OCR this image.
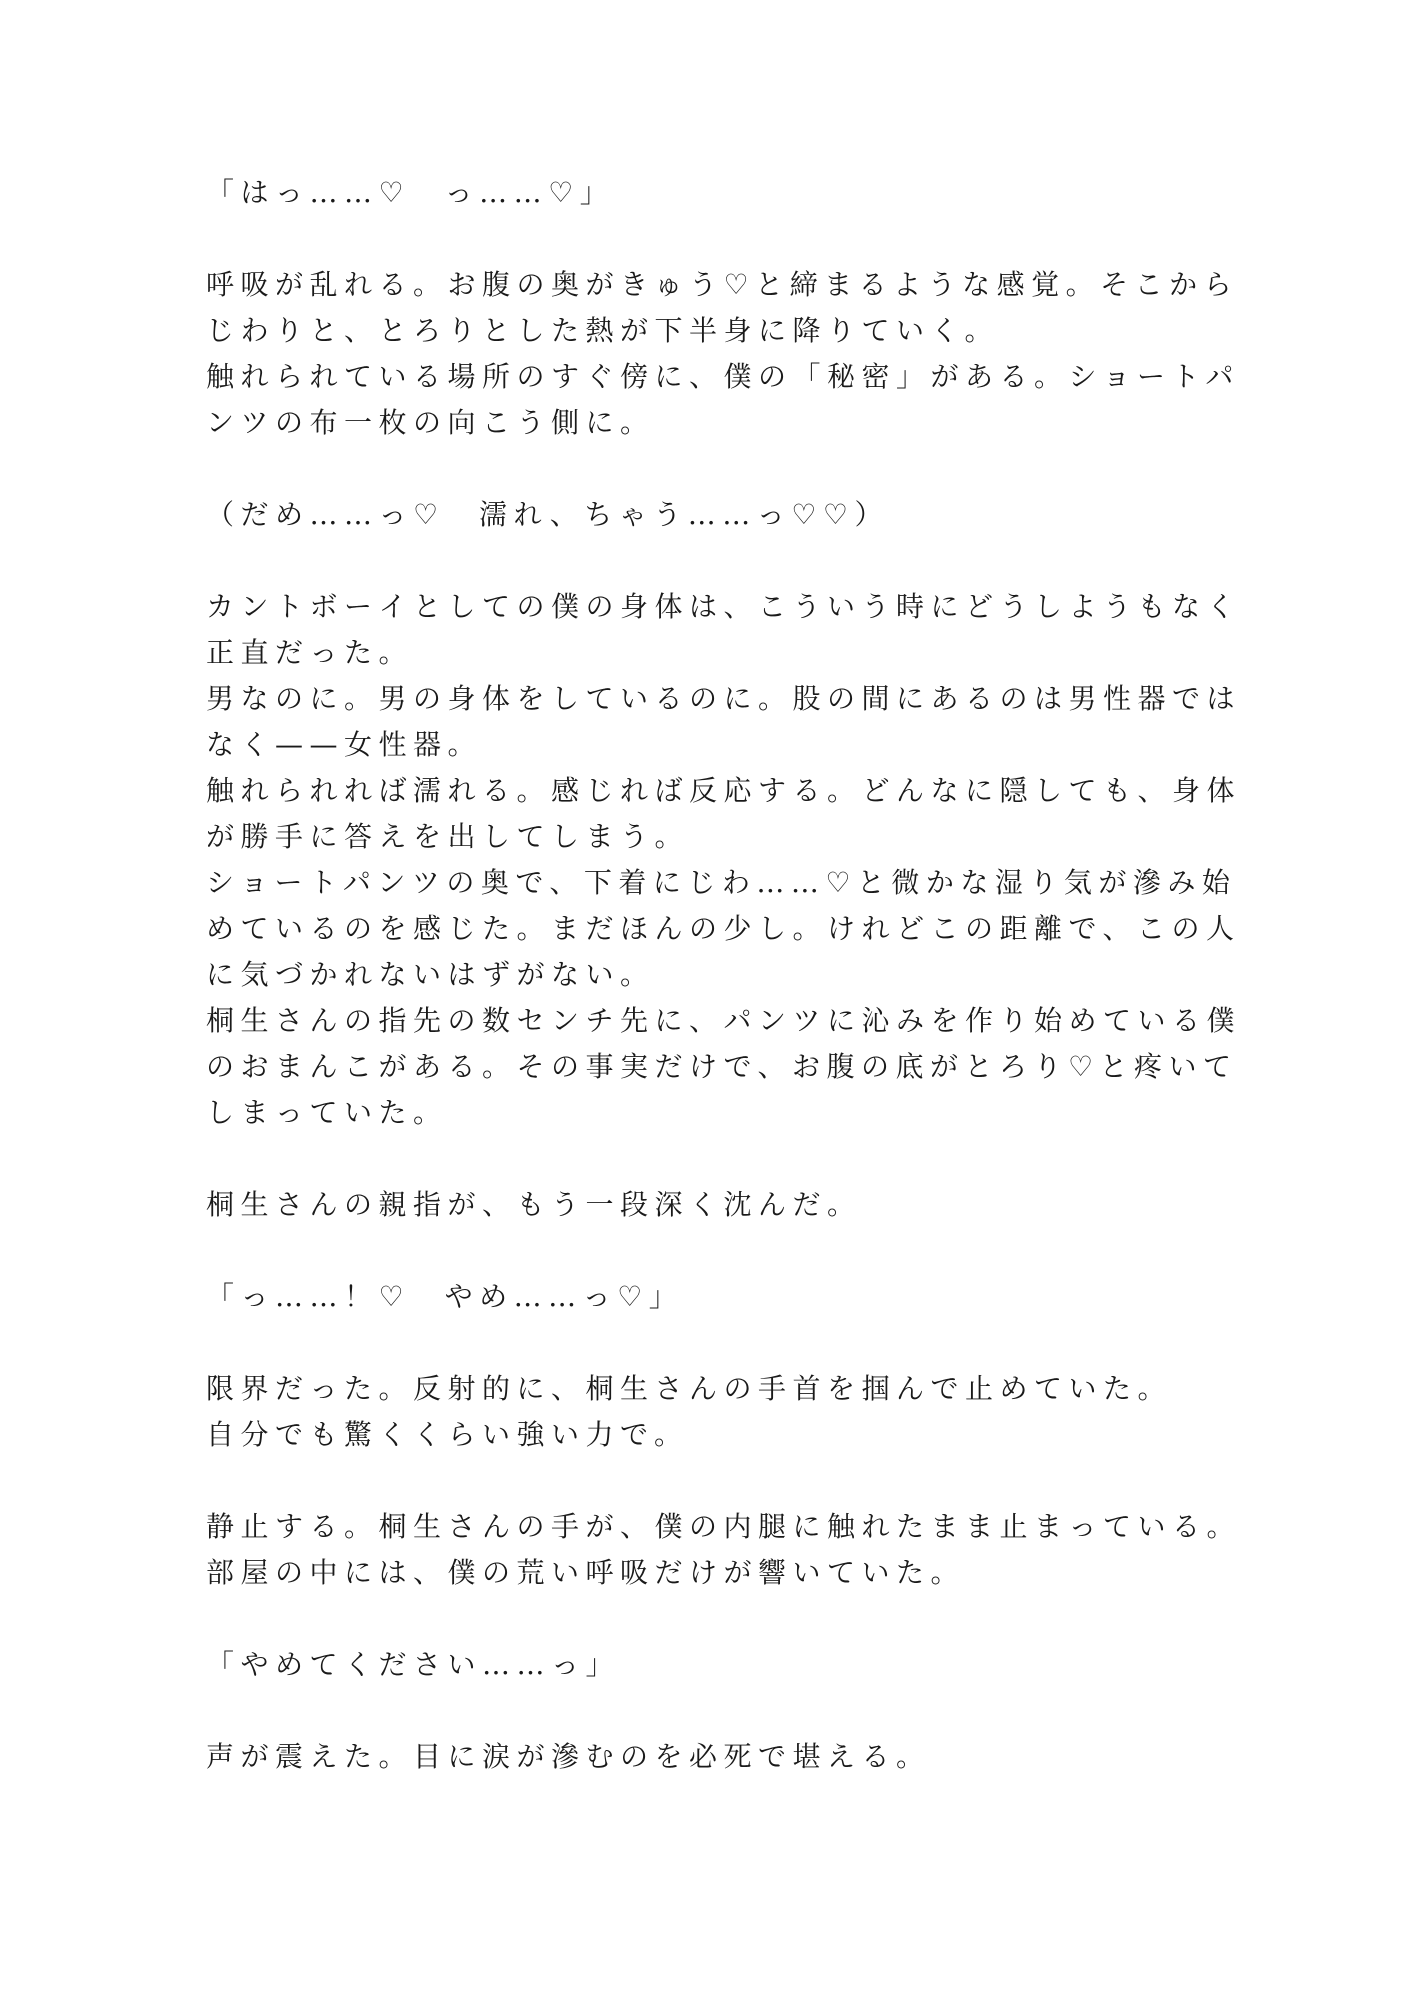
「はっ……♡　っ……♡」
呼吸が乱れる。お腹の奥がきゅう♡と締まるような感覚。そこから
じわりと、とろりとした熱が下半身に降りていく。
触れられている場所のすぐ傍に、僕の「秘密」がある。ショートパ
ンツの布一枚の向こう側に。
（だめ……っ♡　濡れ、ちゃう……っ♡♡）
カントボーイとしての僕の身体は、こういう時にどうしようもなく
正直だった。
男なのに。男の身体をしているのに。股の間にあるのは男性器では
なく——女性器。
触れられれば濡れる。感じれば反応する。どんなに隠しても、身体
が勝手に答えを出してしまう。
ショートパンツの奥で、下着にじわ……♡と微かな湿り気が滲み始
めているのを感じた。まだほんの少し。けれどこの距離で、この人
に気づかれないはずがない。
桐生さんの指先の数センチ先に、パンツに沁みを作り始めている僕
のおまんこがある。その事実だけで、お腹の底がとろり♡と疼いて
しまっていた。
桐生さんの親指が、もう一段深く沈んだ。
「っ……！♡　やめ……っ♡」
限界だった。反射的に、桐生さんの手首を掴んで止めていた。
自分でも驚くくらい強い力で。
静止する。桐生さんの手が、僕の内腿に触れたまま止まっている。
部屋の中には、僕の荒い呼吸だけが響いていた。
「やめてください……っ」
声が震えた。目に涙が滲むのを必死で堪える。
